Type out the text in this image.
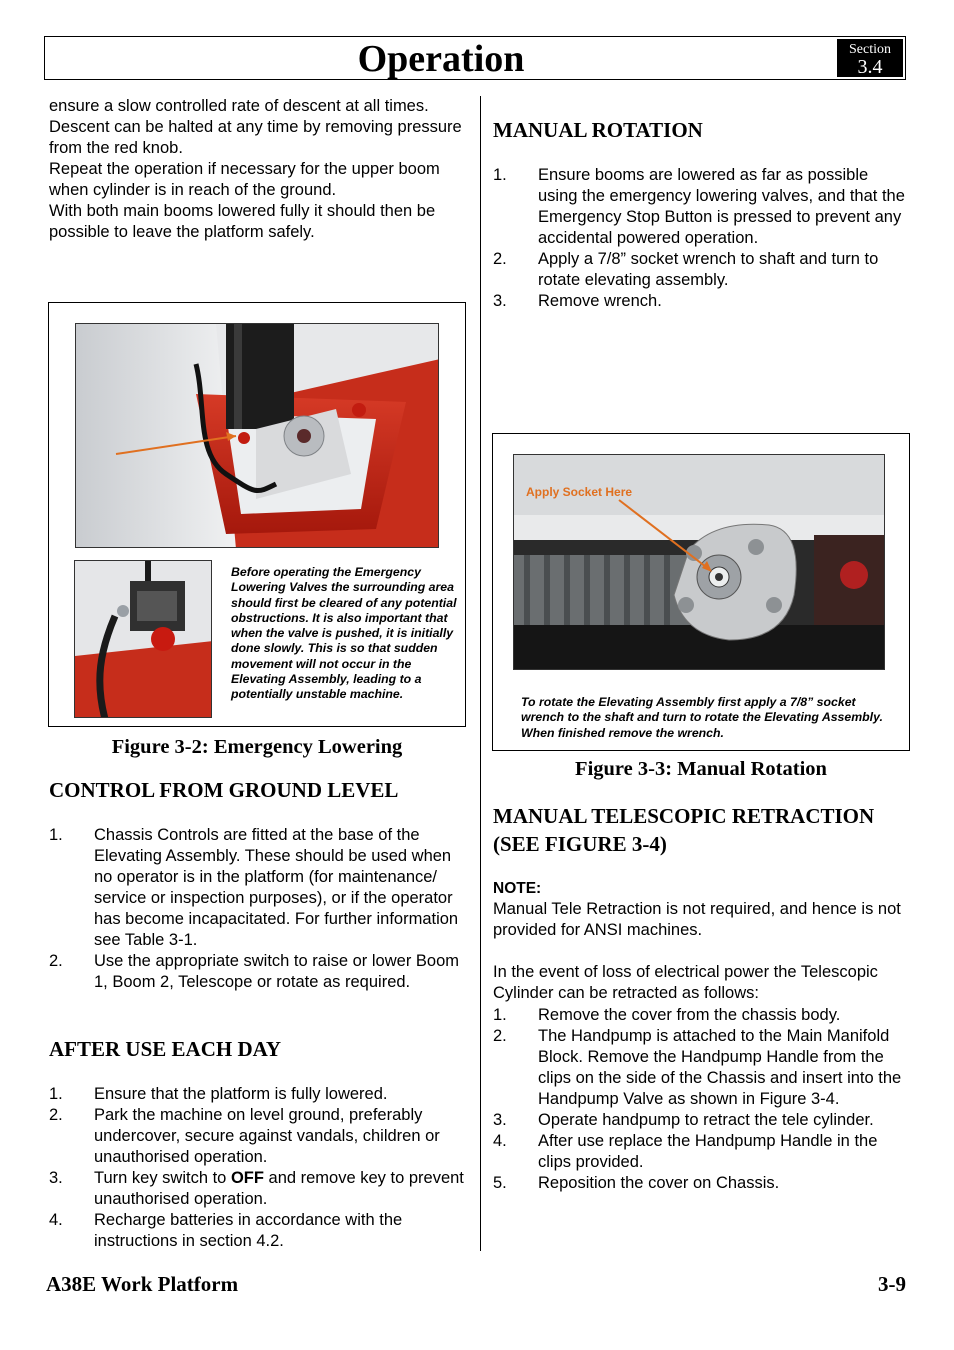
Operation	Section
3.4
ensure a slow controlled rate of descent at all times. Descent can be halted at any time by removing pressure from the red knob.
Repeat the operation if necessary for the upper boom when cylinder is in reach of the ground.
With both main booms lowered fully it should then be possible to leave the platform safely.
Before operating the Emergency Lowering Valves the surrounding area should first be cleared of any potential obstructions. It is also important that when the valve is pushed, it is initially done slowly. This is so that sudden movement will not occur in the Elevating Assembly, leading to a potentially unstable machine.
Figure 3-2: Emergency Lowering
CONTROL FROM GROUND LEVEL
1. Chassis Controls are fitted at the base of the Elevating Assembly. These should be used when no operator is in the platform (for maintenance/ service or inspection purposes), or if the operator has become incapacitated. For further information see Table 3-1.
2. Use the appropriate switch to raise or lower Boom 1, Boom 2, Telescope or rotate as required.
AFTER USE EACH DAY
1. Ensure that the platform is fully lowered.
2. Park the machine on level ground, preferably undercover, secure against vandals, children or unauthorised operation.
3. Turn key switch to OFF and remove key to prevent unauthorised operation.
4. Recharge batteries in accordance with the instructions in section 4.2.
MANUAL ROTATION
1. Ensure booms are lowered as far as possible using the emergency lowering valves, and that the Emergency Stop Button is pressed to prevent any accidental powered operation.
2. Apply a 7/8” socket wrench to shaft and turn to rotate elevating assembly.
3. Remove wrench.
Apply Socket Here
To rotate the Elevating Assembly first apply a 7/8” socket wrench to the shaft and turn to rotate the Elevating Assembly. When finished remove the wrench.
Figure 3-3: Manual Rotation
MANUAL TELESCOPIC RETRACTION
(SEE FIGURE 3-4)
NOTE:
Manual Tele Retraction is not required, and hence is not provided for ANSI machines.
In the event of loss of electrical power the Telescopic Cylinder can be retracted as follows:
1. Remove the cover from the chassis body.
2. The Handpump is attached to the Main Manifold Block. Remove the Handpump Handle from the clips on the side of the Chassis and insert into the Handpump Valve as shown in Figure 3-4.
3. Operate handpump to retract the tele cylinder.
4. After use replace the Handpump Handle in the clips provided.
5. Reposition the cover on Chassis.
A38E Work Platform	3-9
